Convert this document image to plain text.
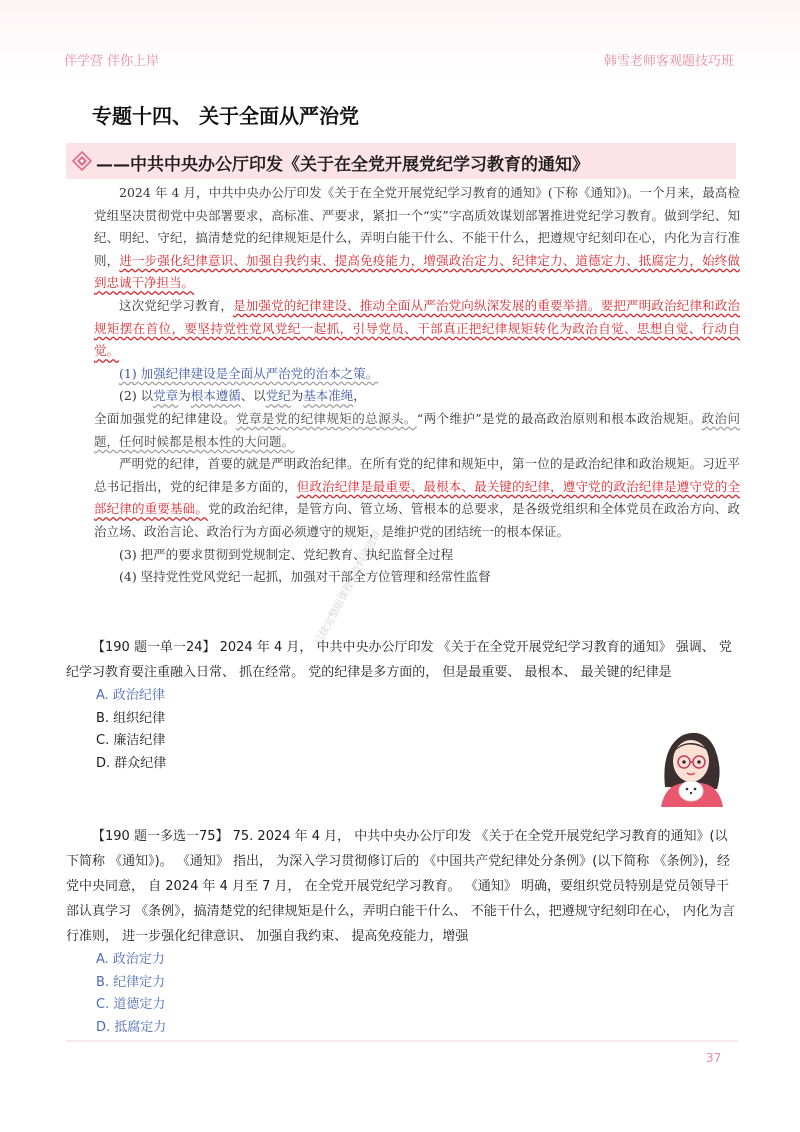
伴学营 伴你上岸	韩雪老师客观题技巧班
专题十四、 关于全面从严治党
——中共中央办公厅印发《关于在全党开展党纪学习教育的通知》

2024 年 4 月，中共中央办公厅印发《关于在全党开展党纪学习教育的通知》(下称《通知》)。一个月来，最高检党组坚决贯彻党中央部署要求，高标准、严要求，紧扣一个“实”字高质效谋划部署推进党纪学习教育。做到学纪、知纪、明纪、守纪，搞清楚党的纪律规矩是什么，弄明白能干什么、不能干什么，把遵规守纪刻印在心，内化为言行准则，进一步强化纪律意识、加强自我约束、提高免疫能力，增强政治定力、纪律定力、道德定力、抵腐定力，始终做到忠诚干净担当。

这次党纪学习教育，是加强党的纪律建设、推动全面从严治党向纵深发展的重要举措。要把严明政治纪律和政治规矩摆在首位，要坚持党性党风党纪一起抓，引导党员、干部真正把纪律规矩转化为政治自觉、思想自觉、行动自觉。

(1) 加强纪律建设是全面从严治党的治本之策。

(2) 以党章为根本遵循、以党纪为基本准绳，

全面加强党的纪律建设。党章是党的纪律规矩的总源头。“两个维护”是党的最高政治原则和根本政治规矩。政治问题，任何时候都是根本性的大问题。

严明党的纪律，首要的就是严明政治纪律。在所有党的纪律和规矩中，第一位的是政治纪律和政治规矩。习近平总书记指出，党的纪律是多方面的，但政治纪律是最重要、最根本、最关键的纪律，遵守党的政治纪律是遵守党的全部纪律的重要基础。党的政治纪律，是管方向、管立场、管根本的总要求，是各级党组织和全体党员在政治方向、政治立场、政治言论、政治行为方面必须遵守的规矩，是维护党的团结统一的根本保证。

(3) 把严的要求贯彻到党规制定、党纪教育、执纪监督全过程

(4) 坚持党性党风党纪一起抓，加强对干部全方位管理和经常性监督

后续完整版课程+资料请进群

【190 题一单一24】 2024 年 4 月， 中共中央办公厅印发 《关于在全党开展党纪学习教育的通知》 强调、 党纪学习教育要注重融入日常、 抓在经常。 党的纪律是多方面的， 但是最重要、 最根本、 最关键的纪律是

A. 政治纪律
B. 组织纪律
C. 廉洁纪律
D. 群众纪律

【190 题一多选一75】 75. 2024 年 4 月， 中共中央办公厅印发 《关于在全党开展党纪学习教育的通知》(以下简称 《通知》)。 《通知》 指出， 为深入学习贯彻修订后的 《中国共产党纪律处分条例》(以下简称 《条例》)，经党中央同意， 自 2024 年 4 月至 7 月， 在全党开展党纪学习教育。 《通知》 明确，要组织党员特别是党员领导干部认真学习 《条例》，搞清楚党的纪律规矩是什么，弄明白能干什么、 不能干什么，把遵规守纪刻印在心， 内化为言行准则， 进一步强化纪律意识、 加强自我约束、 提高免疫能力，增强

A. 政治定力
B. 纪律定力
C. 道德定力
D. 抵腐定力
37
